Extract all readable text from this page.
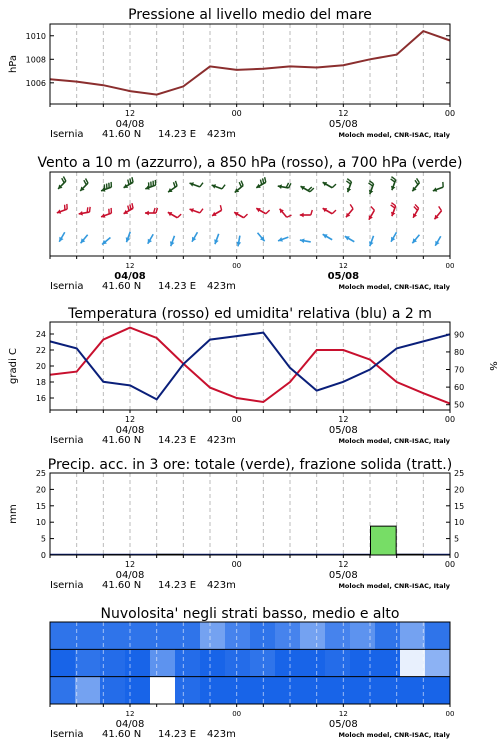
Pressione al livello medio del mare
hPa
1006
1008
1010
12	00	12	00
04/08	05/08
Isernia 41.60 N 14.23 E 423m	Moloch model, CNR-ISAC, Italy
Vento a 10 m (azzurro), a 850 hPa (rosso), a 700 hPa (verde)
12	00	12	00
04/08	05/08
Isernia 41.60 N 14.23 E 423m	Moloch model, CNR-ISAC, Italy
Temperatura (rosso) ed umidita' relativa (blu) a 2 m
gradi C	%
16
18
20
22
24
50
60
70
80
90
12	00	12	00
04/08	05/08
Isernia 41.60 N 14.23 E 423m	Moloch model, CNR-ISAC, Italy
Precip. acc. in 3 ore: totale (verde), frazione solida (tratt.)
mm
0
5
10
15
20
25
0
5
10
15
20
25
12	00	12	00
04/08	05/08
Isernia 41.60 N 14.23 E 423m	Moloch model, CNR-ISAC, Italy
Nuvolosita' negli strati basso, medio e alto
12	00	12	00
04/08	05/08
Isernia 41.60 N 14.23 E 423m	Moloch model, CNR-ISAC, Italy
